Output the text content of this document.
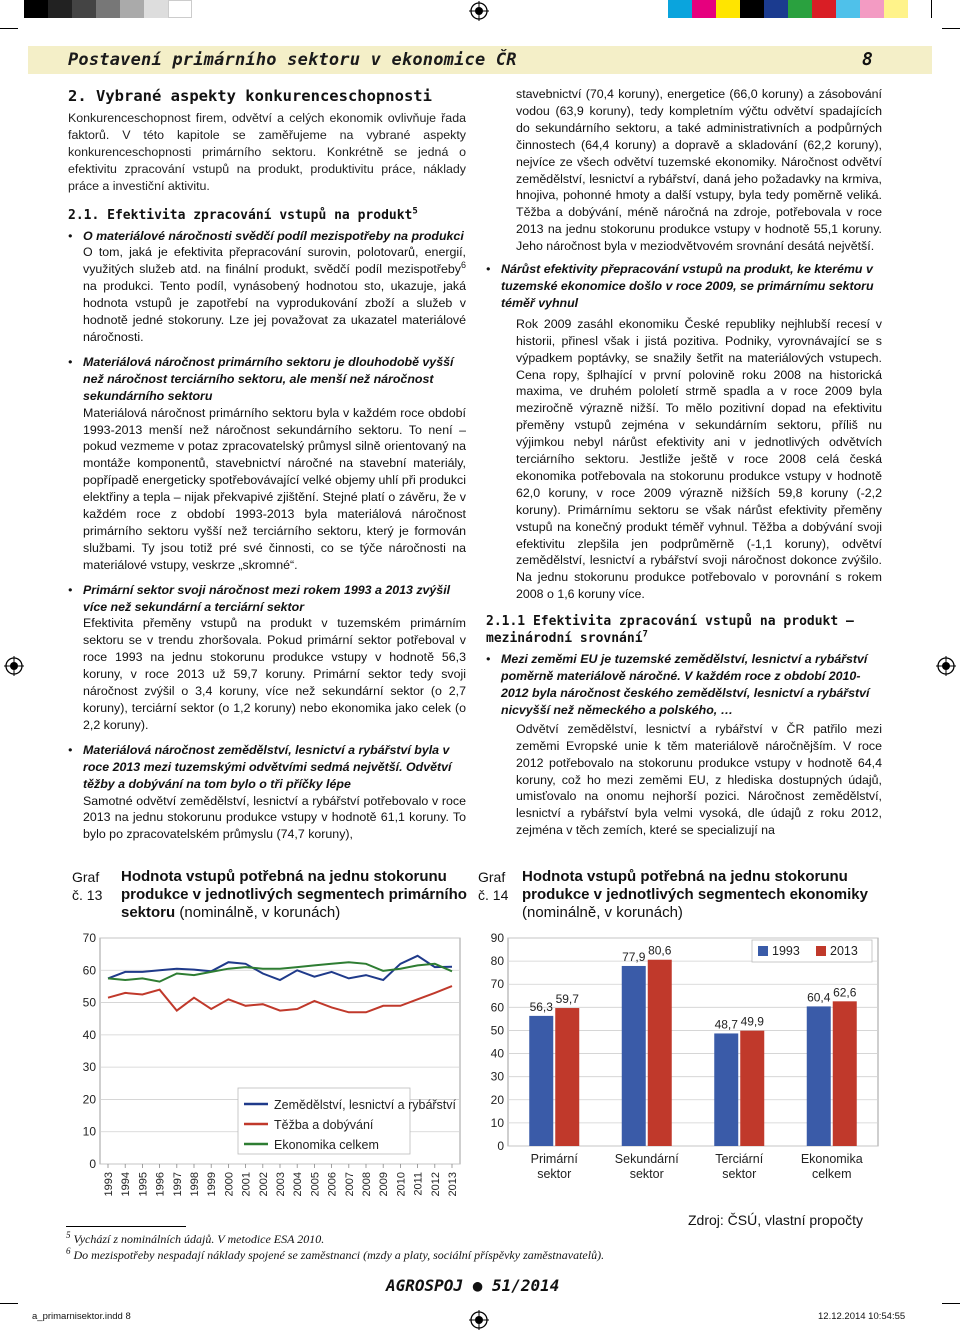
Postavení primárního sektoru v ekonomice ČR	8
2. Vybrané aspekty konkurenceschopnosti

Konkurenceschopnost firem, odvětví a celých ekonomik ovlivňuje řada faktorů. V této kapitole se zaměřujeme na vybrané aspekty konkurenceschopnosti primárního sektoru. Konkrétně se jedná o efektivitu zpracování vstupů na produkt, produktivitu práce, náklady práce a investiční aktivitu.

2.1. Efektivita zpracování vstupů na produkt$^5$
• O materiálové náročnosti svědčí podíl mezispotřeby na produkci

O tom, jaká je efektivita přepracování surovin, polotovarů, energií, využitých služeb atd. na finální produkt, svědčí podíl mezispotřeby$^6$ na produkci. Tento podíl, vynásobený hodnotou sto, ukazuje, jaká hodnota vstupů je zapotřebí na vyprodukování zboží a služeb v hodnotě jedné stokoruny. Lze jej považovat za ukazatel materiálové náročnosti.

• Materiálová náročnost primárního sektoru je dlouhodobě vyšší než náročnost terciárního sektoru, ale menší než náročnost sekundárního sektoru

Materiálová náročnost primárního sektoru byla v každém roce období 1993-2013 menší než náročnost sekundárního sektoru. To není – pokud vezmeme v potaz zpracovatelský průmysl silně orientovaný na montáže komponentů, stavebnictví náročné na stavební materiály, popřípadě energeticky spotřebovávající velké objemy uhlí při produkci elektřiny a tepla – nijak překvapivé zjištění. Stejné platí o závěru, že v každém roce z období 1993-2013 byla materiálová náročnost primárního sektoru vyšší než terciárního sektoru, který je formován službami. Ty jsou totiž pré své činnosti, co se týče náročnosti na materiálové vstupy, veskrze „skromné“.

• Primární sektor svoji náročnost mezi rokem 1993 a 2013 zvýšil více než sekundární a terciární sektor

Efektivita přeměny vstupů na produkt v tuzemském primárním sektoru se v trendu zhoršovala. Pokud primární sektor potřeboval v roce 1993 na jednu stokorunu produkce vstupy v hodnotě 56,3 koruny, v roce 2013 už 59,7 koruny. Primární sektor tedy svoji náročnost zvýšil o 3,4 koruny, více než sekundární sektor (o 2,7 koruny), terciární sektor (o 1,2 koruny) nebo ekonomika jako celek (o 2,2 koruny).

• Materiálová náročnost zemědělství, lesnictví a rybářství byla v roce 2013 mezi tuzemskými odvětvími sedmá největší. Odvětví těžby a dobývání na tom bylo o tři příčky lépe

Samotné odvětví zemědělství, lesnictví a rybářství potřebovalo v roce 2013 na jednu stokorunu produkce vstupy v hodnotě 61,1 koruny. To bylo po zpracovatelském průmyslu (74,7 koruny),

stavebnictví (70,4 koruny), energetice (66,0 koruny) a zásobování vodou (63,9 koruny), tedy kompletním výčtu odvětví spadajících do sekundárního sektoru, a také administrativních a podpůrných činnostech (64,4 koruny) a dopravě a skladování (62,2 koruny), nejvíce ze všech odvětví tuzemské ekonomiky. Náročnost odvětví zemědělství, lesnictví a rybářství, daná jeho požadavky na krmiva, hnojiva, pohonné hmoty a další vstupy, byla tedy poměrně veliká. Těžba a dobývání, méně náročná na zdroje, potřebovala v roce 2013 na jednu stokorunu produkce vstupy v hodnotě 55,1 koruny. Jeho náročnost byla v meziodvětvovém srovnání desátá největší.

• Nárůst efektivity přepracování vstupů na produkt, ke kterému v tuzemské ekonomice došlo v roce 2009, se primárnímu sektoru téměř vyhnul

Rok 2009 zasáhl ekonomiku České republiky nejhlubší recesí v historii, přinesl však i jistá pozitiva. Podniky, vyrovnávající se s výpadkem poptávky, se snažily šetřit na materiálových vstupech. Cena ropy, šplhající v první polovině roku 2008 na historická maxima, ve druhém pololetí strmě spadla a v roce 2009 byla meziročně výrazně nižší. To mělo pozitivní dopad na efektivitu přeměny vstupů zejména v sekundárním sektoru, příliš nu výjimkou nebyl nárůst efektivity ani v jednotlivých odvětvích terciárního sektoru. Jestliže ještě v roce 2008 celá česká ekonomika potřebovala na stokorunu produkce vstupy v hodnotě 62,0 koruny, v roce 2009 výrazně nižších 59,8 koruny (-2,2 koruny). Primárnímu sektoru se však nárůst efektivity přeměny vstupů na konečný produkt téměř vyhnul. Těžba a dobývání svoji efektivitu zlepšila jen podprůměrně (-1,1 koruny), odvětví zemědělství, lesnictví a rybářství svoji náročnost dokonce zvýšilo. Na jednu stokorunu produkce potřebovalo v porovnání s rokem 2008 o 1,6 koruny více.

2.1.1 Efektivita zpracování vstupů na produkt – mezinárodní srovnání$^7$
• Mezi zeměmi EU je tuzemské zemědělství, lesnictví a rybářství poměrně materiálově náročné. V každém roce z období 2010-2012 byla náročnost českého zemědělství, lesnictví a rybářství nicvyšší než německého a polského, …

Odvětví zemědělství, lesnictví a rybářství v ČR patřilo mezi zeměmi Evropské unie k těm materiálově náročnějším. V roce 2012 potřebovalo na stokorunu produkce vstupy v hodnotě 64,4 koruny, což ho mezi zeměmi EU, z hlediska dostupných údajů, umisťovalo na onomu nejhorší pozici. Náročnost zemědělství, lesnictví a rybářství byla velmi vysoká, dle údajů z roku 2012, zejména v těch zemích, které se specializují na

Graf
č. 13
Hodnota vstupů potřebná na jednu stokorunu produkce v jednotlivých segmentech primárního sektoru (nominálně, v korunách)
0
10
20
30
40
50
60
70
1993 1994 1995 1996 1997 1998 1999 2000 2001 2002 2003 2004 2005 2006 2007 2008 2009 2010 2011 2012 2013
Zemědělství, lesnictví a rybářství
Těžba a dobývání
Ekonomika celkem
Graf
č. 14
Hodnota vstupů potřebná na jednu stokorunu produkce v jednotlivých segmentech ekonomiky (nominálně, v korunách)
0
10
20
30
40
50
60
70
80
90
56,3
59,7
Primární
sektor
77,9 80,6
Sekundární
sektor
48,7 49,9
Terciární
sektor
60,4 62,6
Ekonomika
celkem
1993 2013
Zdroj: ČSÚ, vlastní propočty
$^5$ Vychází z nominálních údajů. V metodice ESA 2010.
$^6$ Do mezispotřeby nespadají náklady spojené se zaměstnanci (mzdy a platy, sociální příspěvky zaměstnavatelů).
AGROSPOJ ● 51/2014
a_primarnisektor.indd 8	12.12.2014 10:54:55
